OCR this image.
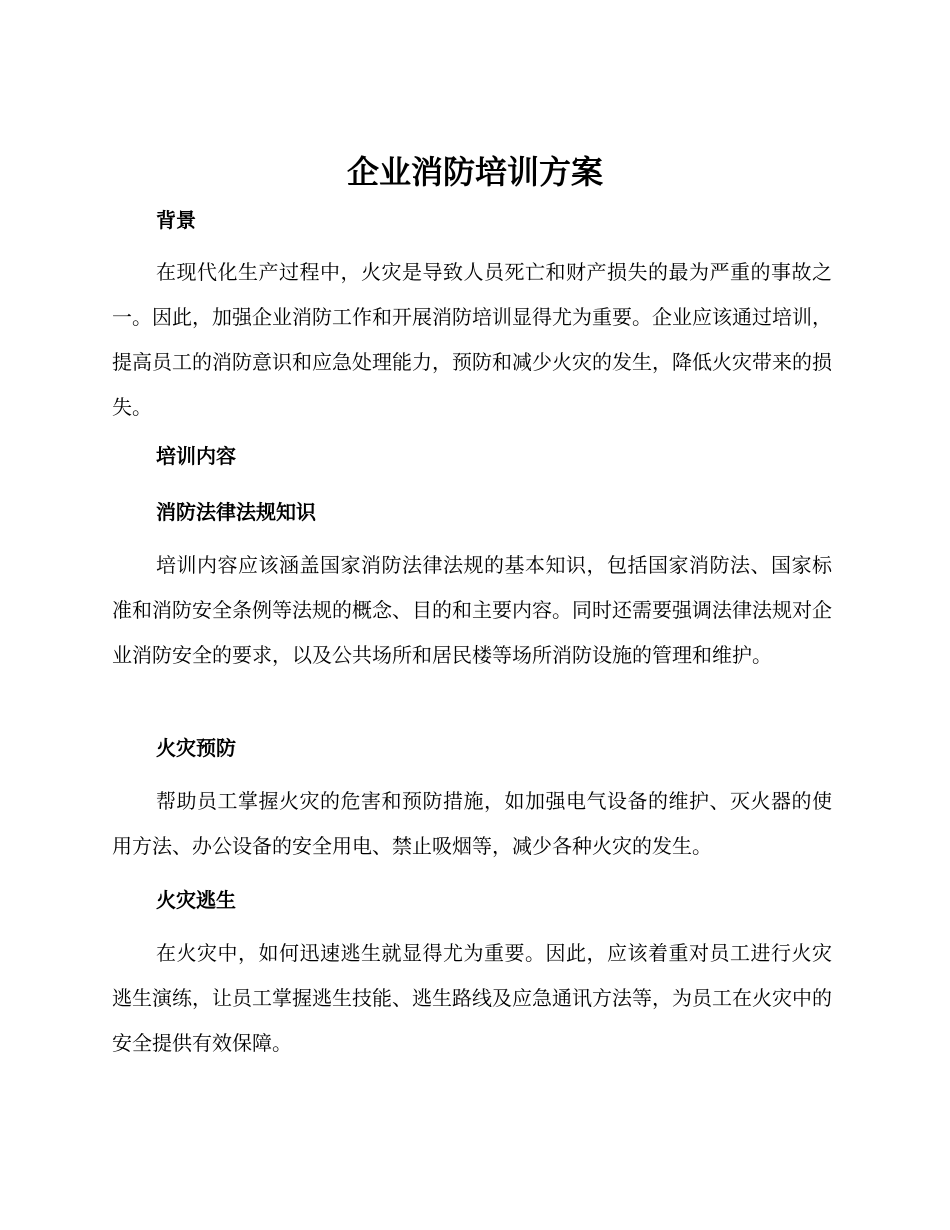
企业消防培训方案
背景

在现代化生产过程中，火灾是导致人员死亡和财产损失的最为严重的事故之一。因此，加强企业消防工作和开展消防培训显得尤为重要。企业应该通过培训，提高员工的消防意识和应急处理能力，预防和减少火灾的发生，降低火灾带来的损失。

培训内容
消防法律法规知识

培训内容应该涵盖国家消防法律法规的基本知识，包括国家消防法、国家标准和消防安全条例等法规的概念、目的和主要内容。同时还需要强调法律法规对企业消防安全的要求，以及公共场所和居民楼等场所消防设施的管理和维护。

火灾预防

帮助员工掌握火灾的危害和预防措施，如加强电气设备的维护、灭火器的使用方法、办公设备的安全用电、禁止吸烟等，减少各种火灾的发生。

火灾逃生

在火灾中，如何迅速逃生就显得尤为重要。因此，应该着重对员工进行火灾逃生演练，让员工掌握逃生技能、逃生路线及应急通讯方法等，为员工在火灾中的安全提供有效保障。
